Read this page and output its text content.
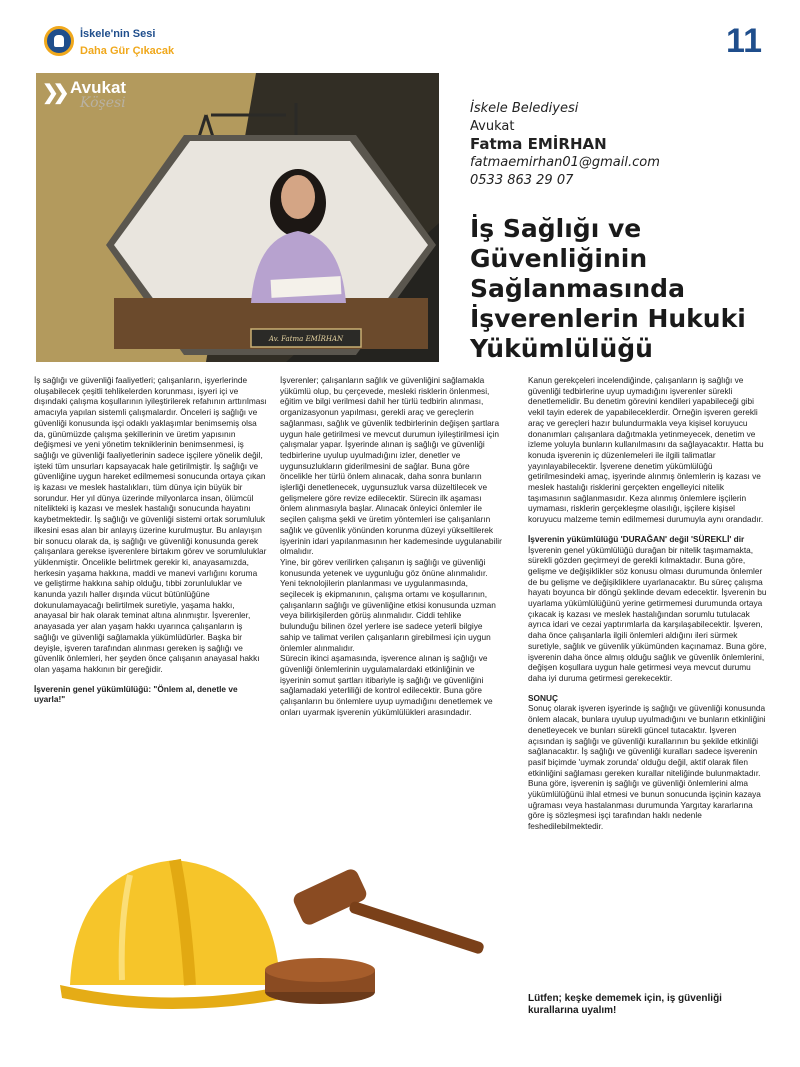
İskele'nin Sesi
Daha Gür Çıkacak	11
Av. Fatma EMİRHAN
❯❯ Avukat
Köşesi	İskele Belediyesi
Avukat
Fatma EMİRHAN
fatmaemirhan01@gmail.com
0533 863 29 07
İş Sağlığı ve
Güvenliğinin
Sağlanmasında
İşverenlerin Hukuki
Yükümlülüğü

İş sağlığı ve güvenliği faaliyetleri; çalışanların, işyerlerinde oluşabilecek çeşitli tehlikelerden korunması, işyeri içi ve dışındaki çalışma koşullarının iyileştirilerek refahının arttırılması amacıyla yapılan sistemli çalışmalardır. Önceleri iş sağlığı ve güvenliği konusunda işçi odaklı yaklaşımlar benimsemiş olsa da, günümüzde çalışma şekillerinin ve üretim yapısının değişmesi ve yeni yönetim tekniklerinin benimsenmesi, iş sağlığı ve güvenliği faaliyetlerinin sadece işçilere yönelik değil, işteki tüm unsurları kapsayacak hale getirilmiştir. İş sağlığı ve güvenliğine uygun hareket edilmemesi sonucunda ortaya çıkan iş kazası ve meslek hastalıkları, tüm dünya için büyük bir sorundur. Her yıl dünya üzerinde milyonlarca insan, ölümcül nitelikteki iş kazası ve meslek hastalığı sonucunda hayatını kaybetmektedir. İş sağlığı ve güvenliği sistemi ortak sorumluluk ilkesini esas alan bir anlayış üzerine kurulmuştur. Bu anlayışın bir sonucu olarak da, iş sağlığı ve güvenliği konusunda gerek çalışanlara gerekse işverenlere birtakım görev ve sorumluluklar yüklenmiştir. Öncelikle belirtmek gerekir ki, anayasamızda, herkesin yaşama hakkına, maddi ve manevi varlığını koruma ve geliştirme hakkına sahip olduğu, tıbbi zorunluluklar ve kanunda yazılı haller dışında vücut bütünlüğüne dokunulamayacağı belirtilmek suretiyle, yaşama hakkı, anayasal bir hak olarak teminat altına alınmıştır. İşverenler, anayasada yer alan yaşam hakkı uyarınca çalışanların iş sağlığı ve güvenliği sağlamakla yükümlüdürler. Başka bir deyişle, işveren tarafından alınması gereken iş sağlığı ve güvenlik önlemleri, her şeyden önce çalışanın anayasal hakkı olan yaşama hakkının bir gereğidir.

İşverenin genel yükümlülüğü: "Önlem al, denetle ve uyarla!"

İşverenler; çalışanların sağlık ve güvenliğini sağlamakla yükümlü olup, bu çerçevede, mesleki risklerin önlenmesi, eğitim ve bilgi verilmesi dahil her türlü tedbirin alınması, organizasyonun yapılması, gerekli araç ve gereçlerin sağlanması, sağlık ve güvenlik tedbirlerinin değişen şartlara uygun hale getirilmesi ve mevcut durumun iyileştirilmesi için çalışmalar yapar. İşyerinde alınan iş sağlığı ve güvenliği tedbirlerine uyulup uyulmadığını izler, denetler ve uygunsuzlukların giderilmesini de sağlar. Buna göre öncelikle her türlü önlem alınacak, daha sonra bunların işlerliği denetlenecek, uygunsuzluk varsa düzeltilecek ve gelişmelere göre revize edilecektir. Sürecin ilk aşaması önlem alınmasıyla başlar. Alınacak önleyici önlemler ile seçilen çalışma şekli ve üretim yöntemleri ise çalışanların sağlık ve güvenlik yönünden korunma düzeyi yükseltilerek işyerinin idari yapılanmasının her kademesinde uygulanabilir olmalıdır.

Yine, bir görev verilirken çalışanın iş sağlığı ve güvenliği konusunda yetenek ve uygunluğu göz önüne alınmalıdır. Yeni teknolojilerin planlanması ve uygulanmasında, seçilecek iş ekipmanının, çalışma ortamı ve koşullarının, çalışanların sağlığı ve güvenliğine etkisi konusunda uzman veya bilirkişilerden görüş alınmalıdır. Ciddi tehlike bulunduğu bilinen özel yerlere ise sadece yeterli bilgiye sahip ve talimat verilen çalışanların girebilmesi için uygun önlemler alınmalıdır.

Sürecin ikinci aşamasında, işverence alınan iş sağlığı ve güvenliği önlemlerinin uygulamalardaki etkinliğinin ve işyerinin somut şartları itibariyle iş sağlığı ve güvenliğini sağlamadaki yeterliliği de kontrol edilecektir. Buna göre çalışanların bu önlemlere uyup uymadığını denetlemek ve onları uyarmak işverenin yükümlülükleri arasındadır.

Kanun gerekçeleri incelendiğinde, çalışanların iş sağlığı ve güvenliği tedbirlerine uyup uymadığını işverenler sürekli denetlemelidir. Bu denetim görevini kendileri yapabileceği gibi vekil tayin ederek de yapabileceklerdir. Örneğin işveren gerekli araç ve gereçleri hazır bulundurmakla veya kişisel koruyucu donanımları çalışanlara dağıtmakla yetinmeyecek, denetim ve izleme yoluyla bunların kullanılmasını da sağlayacaktır. Hatta bu konuda işverenin iç düzenlemeleri ile ilgili talimatlar yayınlayabilecektir. İşverene denetim yükümlülüğü getirilmesindeki amaç, işyerinde alınmış önlemlerin iş kazası ve meslek hastalığı risklerini gerçekten engelleyici nitelik taşımasının sağlanmasıdır. Keza alınmış önlemlere işçilerin uymaması, risklerin gerçekleşme olasılığı, işçilere kişisel koruyucu malzeme temin edilmemesi durumuyla aynı orandadır.

İşverenin yükümlülüğü 'DURAĞAN' değil 'SÜREKLİ' dir

İşverenin genel yükümlülüğü durağan bir nitelik taşımamakta, sürekli gözden geçirmeyi de gerekli kılmaktadır. Buna göre, gelişme ve değişiklikler söz konusu olması durumunda önlemler de bu gelişme ve değişikliklere uyarlanacaktır. Bu süreç çalışma hayatı boyunca bir döngü şeklinde devam edecektir. İşverenin bu uyarlama yükümlülüğünü yerine getirmemesi durumunda ortaya çıkacak iş kazası ve meslek hastalığından sorumlu tutulacak ayrıca idari ve cezai yaptırımlarla da karşılaşabilecektir. İşveren, daha önce çalışanlarla ilgili önlemleri aldığını ileri sürmek suretiyle, sağlık ve güvenlik yükümünden kaçınamaz. Buna göre, işverenin daha önce almış olduğu sağlık ve güvenlik önlemlerini, değişen koşullara uygun hale getirmesi veya mevcut durumu daha iyi duruma getirmesi gerekecektir.

SONUÇ

Sonuç olarak işveren işyerinde iş sağlığı ve güvenliği konusunda önlem alacak, bunlara uyulup uyulmadığını ve bunların etkinliğini denetleyecek ve bunları sürekli güncel tutacaktır. İşveren açısından iş sağlığı ve güvenliği kurallarının bu şekilde etkinliği sağlanacaktır. İş sağlığı ve güvenliği kuralları sadece işverenin pasif biçimde 'uymak zorunda' olduğu değil, aktif olarak filen etkinliğini sağlaması gereken kurallar niteliğinde bulunmaktadır. Buna göre, işverenin iş sağlığı ve güvenliği önlemlerini alma yükümlülüğünü ihlal etmesi ve bunun sonucunda işçinin kazaya uğraması veya hastalanması durumunda Yargıtay kararlarına göre iş sözleşmesi işçi tarafından haklı nedenle feshedilebilmektedir.

Lütfen; keşke dememek için, iş güvenliği kurallarına uyalım!
